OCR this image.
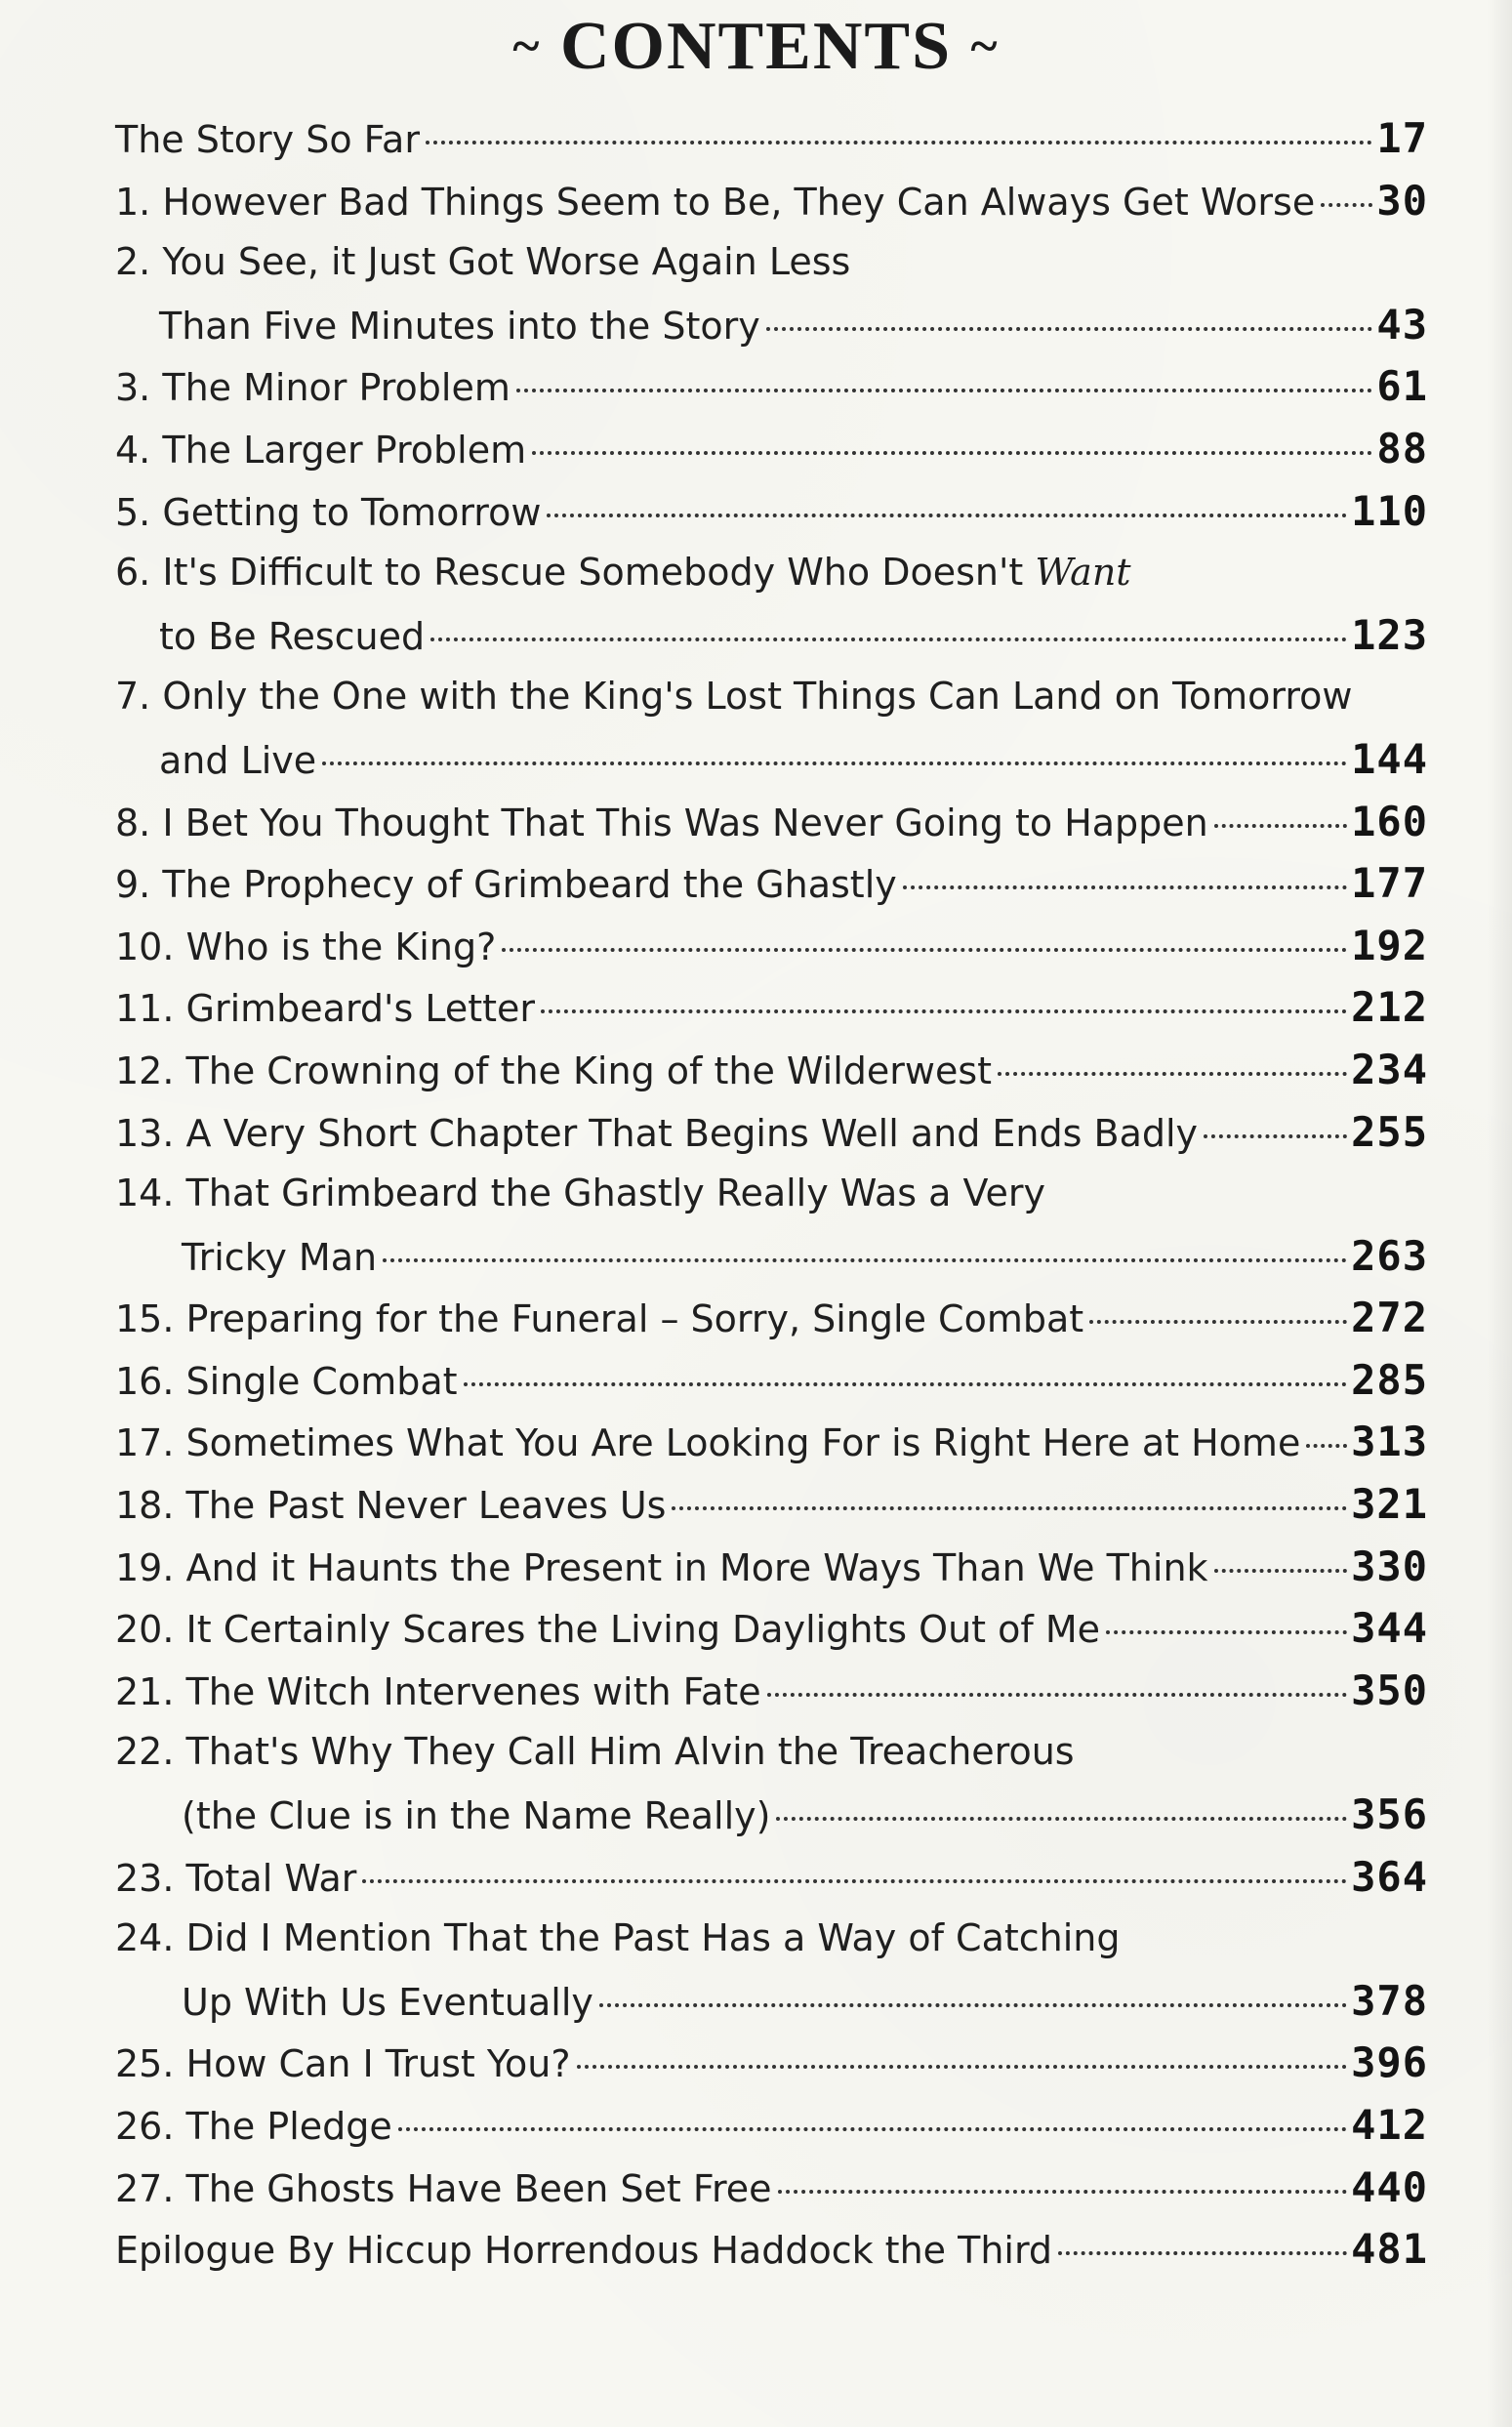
~ CONTENTS ~
The Story So Far	17
1.
However Bad Things Seem to Be, They Can Always Get Worse 30
2.
You See, it Just Got Worse Again Less
Than Five Minutes into the Story	43
3.
The Minor Problem	61
4.
The Larger Problem	88
5.
Getting to Tomorrow	110
6.
It's Difficult to Rescue Somebody Who Doesn't Want
to Be Rescued	123
7.
Only the One with the King's Lost Things Can Land on Tomorrow
and Live	144
8.
I Bet You Thought That This Was Never Going to Happen	160
9.
The Prophecy of Grimbeard the Ghastly	177
10.
Who is the King?	192
11.
Grimbeard's Letter	212
12.
The Crowning of the King of the Wilderwest	234
13.
A Very Short Chapter That Begins Well and Ends Badly	255
14.
That Grimbeard the Ghastly Really Was a Very
Tricky Man	263
15.
Preparing for the Funeral – Sorry, Single Combat	272
16.
Single Combat	285
17.
Sometimes What You Are Looking For is Right Here at Home 313
18.
The Past Never Leaves Us	321
19.
And it Haunts the Present in More Ways Than We Think	330
20.
It Certainly Scares the Living Daylights Out of Me	344
21.
The Witch Intervenes with Fate	350
22.
That's Why They Call Him Alvin the Treacherous
(the Clue is in the Name Really)	356
23.
Total War	364
24.
Did I Mention That the Past Has a Way of Catching
Up With Us Eventually	378
25.
How Can I Trust You?	396
26.
The Pledge	412
27.
The Ghosts Have Been Set Free	440
Epilogue By Hiccup Horrendous Haddock the Third	481
